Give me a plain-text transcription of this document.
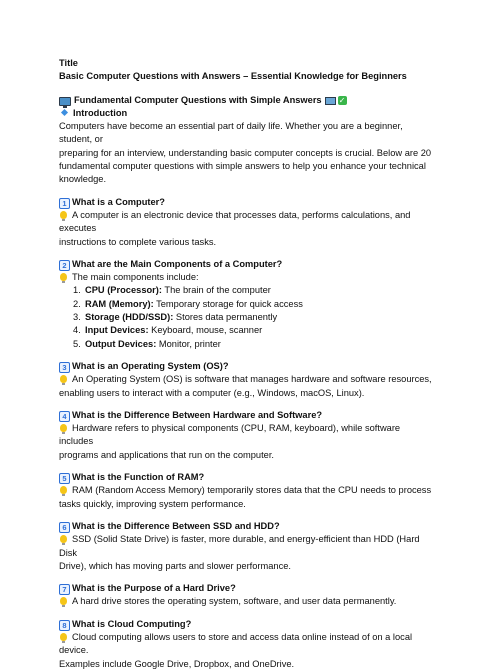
Title
Basic Computer Questions with Answers – Essential Knowledge for Beginners
Fundamental Computer Questions with Simple Answers ✓
Introduction
Computers have become an essential part of daily life. Whether you are a beginner, student, or
preparing for an interview, understanding basic computer concepts is crucial. Below are 20
fundamental computer questions with simple answers to help you enhance your technical
knowledge.
1 What is a Computer?
A computer is an electronic device that processes data, performs calculations, and executes
instructions to complete various tasks.
2 What are the Main Components of a Computer?
The main components include:
1. CPU (Processor): The brain of the computer
2. RAM (Memory): Temporary storage for quick access
3. Storage (HDD/SSD): Stores data permanently
4. Input Devices: Keyboard, mouse, scanner
5. Output Devices: Monitor, printer
3 What is an Operating System (OS)?
An Operating System (OS) is software that manages hardware and software resources,
enabling users to interact with a computer (e.g., Windows, macOS, Linux).
4 What is the Difference Between Hardware and Software?
Hardware refers to physical components (CPU, RAM, keyboard), while software includes
programs and applications that run on the computer.
5 What is the Function of RAM?
RAM (Random Access Memory) temporarily stores data that the CPU needs to process
tasks quickly, improving system performance.
6 What is the Difference Between SSD and HDD?
SSD (Solid State Drive) is faster, more durable, and energy-efficient than HDD (Hard Disk
Drive), which has moving parts and slower performance.
7 What is the Purpose of a Hard Drive?
A hard drive stores the operating system, software, and user data permanently.
8 What is Cloud Computing?
Cloud computing allows users to store and access data online instead of on a local device.
Examples include Google Drive, Dropbox, and OneDrive.
